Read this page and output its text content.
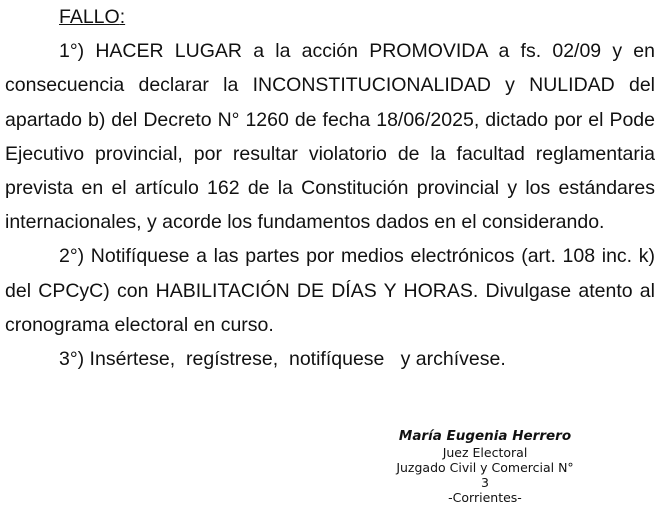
FALLO:

1°) HACER LUGAR a la acción PROMOVIDA a fs. 02/09 y en consecuencia declarar la INCONSTITUCIONALIDAD y NULIDAD del apartado b) del Decreto N° 1260 de fecha 18/06/2025, dictado por el Pode Ejecutivo provincial, por resultar violatorio de la facultad reglamentaria prevista en el artículo 162 de la Constitución provincial y los estándares internacionales, y acorde los fundamentos dados en el considerando.

2°) Notifíquese a las partes por medios electrónicos (art. 108 inc. k) del CPCyC) con HABILITACIÓN DE DÍAS Y HORAS. Divulgase atento al cronograma electoral en curso.

3°) Insértese,  regístrese,  notifíquese   y archívese.

María Eugenia Herrero
Juez Electoral
Juzgado Civil y Comercial N°
3
-Corrientes-
